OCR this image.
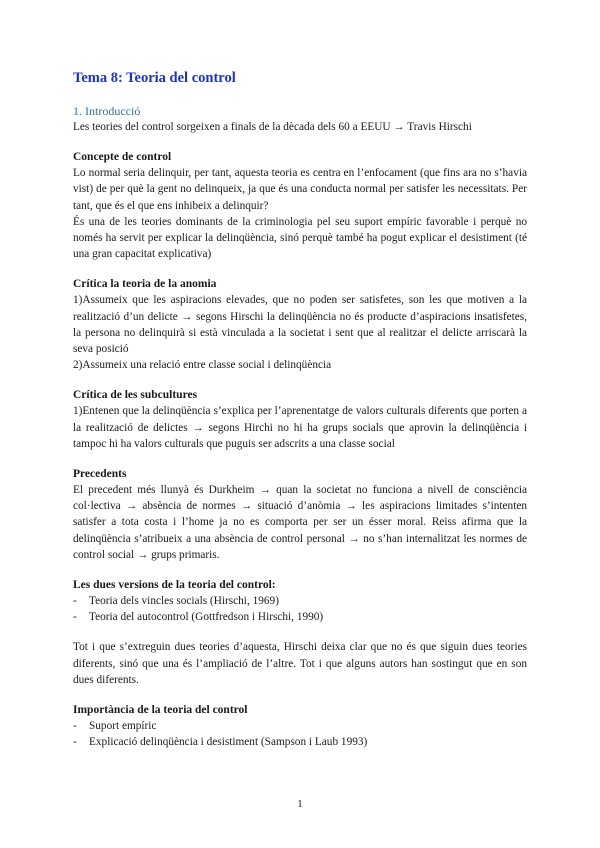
Tema 8: Teoria del control
1. Introducció

Les teories del control sorgeixen a finals de la dècada dels 60 a EEUU → Travis Hirschi

Concepte de control

Lo normal seria delinquir, per tant, aquesta teoria es centra en l’enfocament (que fins ara no s’havia vist) de per què la gent no delinqueix, ja que és una conducta normal per satisfer les necessitats. Per tant, que és el que ens inhibeix a delinquir?

És una de les teories dominants de la criminologia pel seu suport empíric favorable i perquè no només ha servit per explicar la delinqüència, sinó perquè també ha pogut explicar el desistiment (té una gran capacitat explicativa)

Crítica la teoria de la anomia

1)Assumeix que les aspiracions elevades, que no poden ser satisfetes, son les que motiven a la realització d’un delicte → segons Hirschi la delinqüència no és producte d’aspiracions insatisfetes, la persona no delinquirà si està vinculada a la societat i sent que al realitzar el delicte arriscarà la seva posició

2)Assumeix una relació entre classe social i delinqüència

Crítica de les subcultures

1)Entenen que la delinqüència s’explica per l’aprenentatge de valors culturals diferents que porten a la realització de delictes → segons Hirchi no hi ha grups socials que aprovin la delinqüència i tampoc hi ha valors culturals que puguis ser adscrits a una classe social

Precedents

El precedent més llunyà és Durkheim → quan la societat no funciona a nivell de consciència col·lectiva → absència de normes → situació d’anòmia → les aspiracions limitades s’intenten satisfer a tota costa i l’home ja no es comporta per ser un ésser moral. Reiss afirma que la delinqüència s’atribueix a una absència de control personal → no s’han internalitzat les normes de control social → grups primaris.

Les dues versions de la teoria del control:
-	Teoria dels vincles socials (Hirschi, 1969)
-	Teoria del autocontrol (Gottfredson i Hirschi, 1990)

Tot i que s’extreguin dues teories d’aquesta, Hirschi deixa clar que no és que siguin dues teories diferents, sinó que una és l’ampliació de l’altre. Tot i que alguns autors han sostingut que en son dues diferents.

Importància de la teoria del control
-	Suport empíric
-	Explicació delinqüència i desistiment (Sampson i Laub 1993)
1
